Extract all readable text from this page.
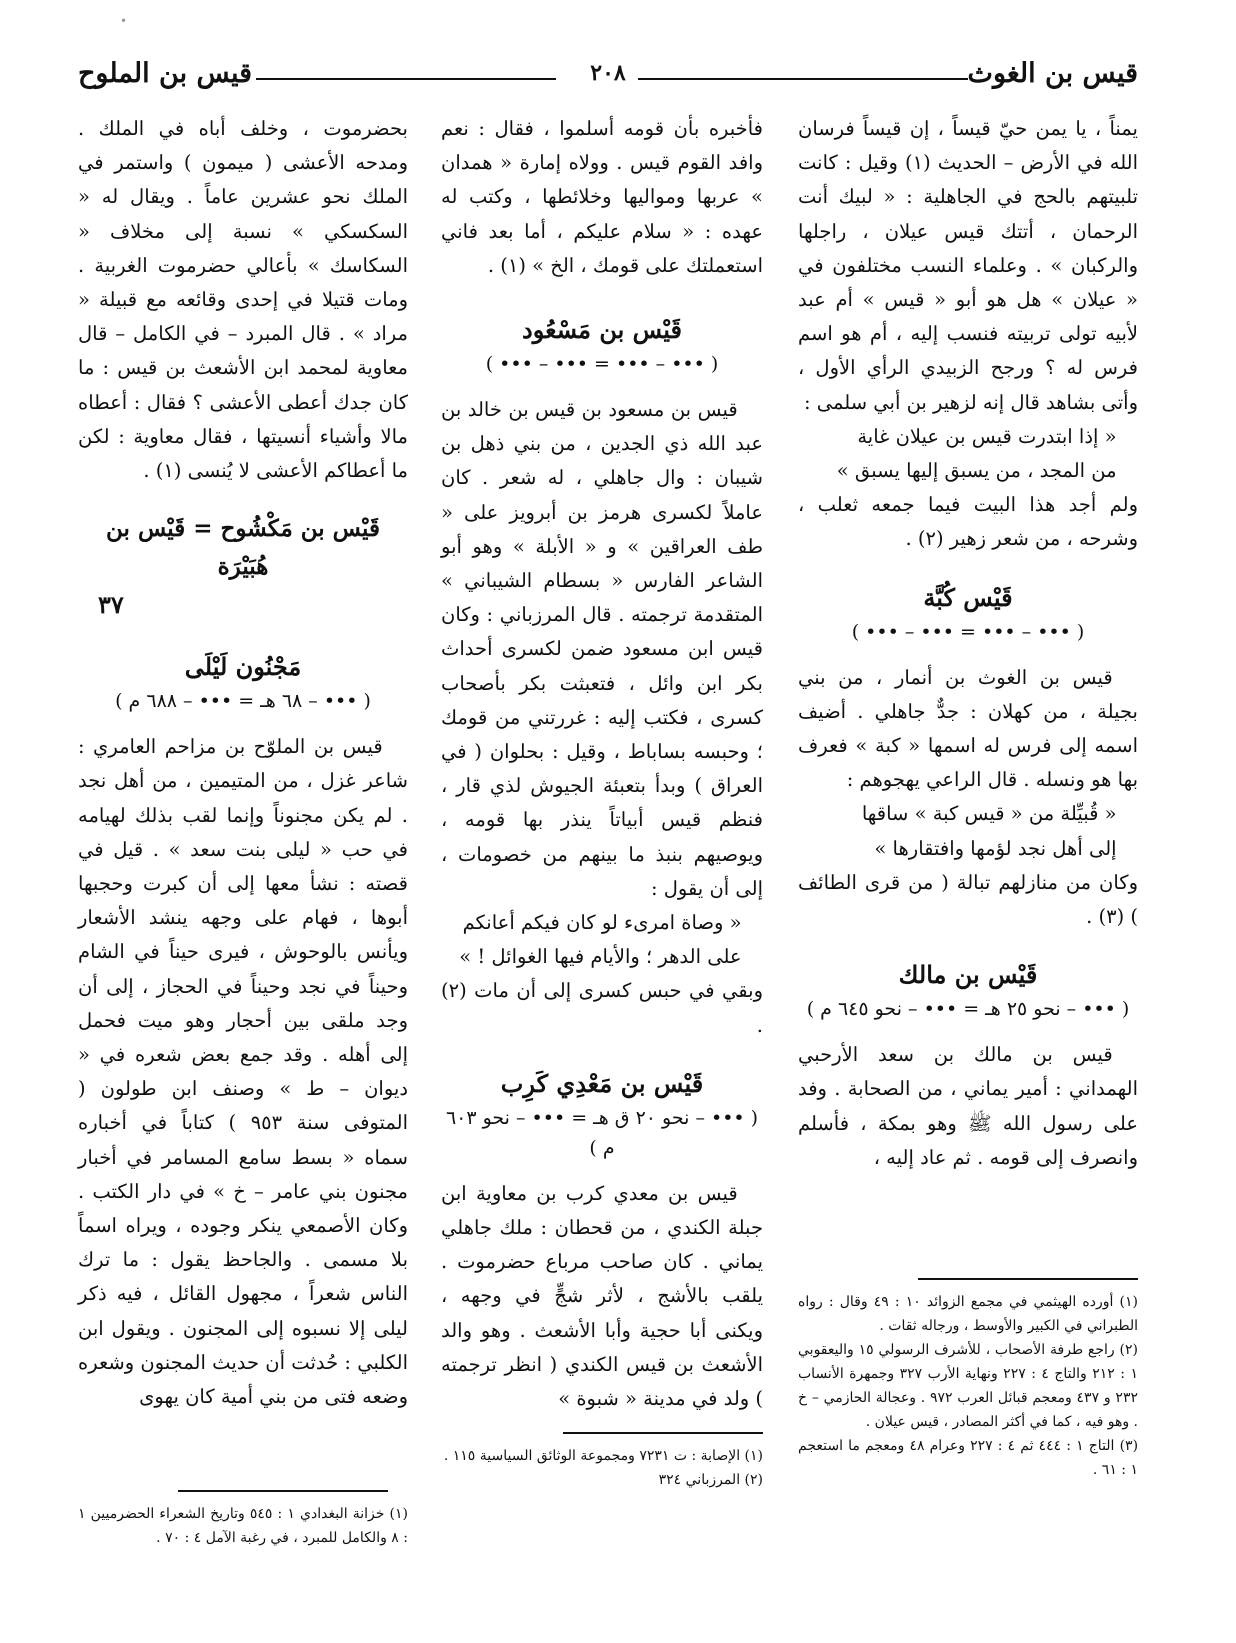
•
قيس بن الغوث
٢٠٨
قيس بن الملوح

يمناً ، يا يمن حيّ قيساً ، إن قيساً فرسان الله في الأرض – الحديث (١) وقيل : كانت تلبيتهم بالحج في الجاهلية : « لبيك أنت الرحمان ، أتتك قيس عيلان ، راجلها والركبان » . وعلماء النسب مختلفون في « عيلان » هل هو أبو « قيس » أم عبد لأبيه تولى تربيته فنسب إليه ، أم هو اسم فرس له ؟ ورجح الزبيدي الرأي الأول ، وأتى بشاهد قال إنه لزهير بن أبي سلمى :

« إذا ابتدرت قيس بن عيلان غاية

من المجد ، من يسبق إليها يسبق »

ولم أجد هذا البيت فيما جمعه ثعلب ، وشرحه ، من شعر زهير (٢) .

قَيْس كُبَّة

( ••• – ••• = ••• – ••• )

قيس بن الغوث بن أنمار ، من بني بجيلة ، من كهلان : جدٌّ جاهلي . أضيف اسمه إلى فرس له اسمها « كبة » فعرف بها هو ونسله . قال الراعي يهجوهم :

« قُبيِّلة من « قيس كبة » ساقها

إلى أهل نجد لؤمها وافتقارها »

وكان من منازلهم تبالة ( من قرى الطائف ) (٣) .

قَيْس بن مالك

( ••• – نحو ٢٥ هـ = ••• – نحو ٦٤٥ م )

قيس بن مالك بن سعد الأرحبي الهمداني : أمير يماني ، من الصحابة . وفد على رسول الله ﷺ وهو بمكة ، فأسلم وانصرف إلى قومه . ثم عاد إليه ،

(١) أورده الهيثمي في مجمع الزوائد ١٠ : ٤٩ وقال : رواه الطبراني في الكبير والأوسط ، ورجاله ثقات .

(٢) راجع طرفة الأصحاب ، للأشرف الرسولي ١٥ واليعقوبي ١ : ٢١٢ والتاج ٤ : ٢٢٧ ونهاية الأرب ٣٢٧ وجمهرة الأنساب ٢٣٢ و ٤٣٧ ومعجم قبائل العرب ٩٧٢ . وعجالة الحازمي – خ . وهو فيه ، كما في أكثر المصادر ، قيس عيلان .

(٣) التاج ١ : ٤٤٤ ثم ٤ : ٢٢٧ وعرام ٤٨ ومعجم ما استعجم ١ : ٦١ .

فأخبره بأن قومه أسلموا ، فقال : نعم وافد القوم قيس . وولاه إمارة « همدان » عربها ومواليها وخلائطها ، وكتب له عهده : « سلام عليكم ، أما بعد فاني استعملتك على قومك ، الخ » (١) .

قَيْس بن مَسْعُود

( ••• – ••• = ••• – ••• )

قيس بن مسعود بن قيس بن خالد بن عبد الله ذي الجدين ، من بني ذهل بن شيبان : وال جاهلي ، له شعر . كان عاملاً لكسرى هرمز بن أبرويز على « طف العراقين » و « الأبلة » وهو أبو الشاعر الفارس « بسطام الشيباني » المتقدمة ترجمته . قال المرزباني : وكان قيس ابن مسعود ضمن لكسرى أحداث بكر ابن وائل ، فتعبثت بكر بأصحاب كسرى ، فكتب إليه : غررتني من قومك ؛ وحبسه بساباط ، وقيل : بحلوان ( في العراق ) وبدأ بتعبئة الجيوش لذي قار ، فنظم قيس أبياتاً ينذر بها قومه ، ويوصيهم بنبذ ما بينهم من خصومات ، إلى أن يقول :

« وصاة امرىء لو كان فيكم أعانكم

على الدهر ؛ والأيام فيها الغوائل ! »

وبقي في حبس كسرى إلى أن مات (٢) .

قَيْس بن مَعْدِي كَرِب

( ••• – نحو ٢٠ ق هـ = ••• – نحو ٦٠٣ م )

قيس بن معدي كرب بن معاوية ابن جبلة الكندي ، من قحطان : ملك جاهلي يماني . كان صاحب مرباع حضرموت . يلقب بالأشج ، لأثر شجٍّ في وجهه ، ويكنى أبا حجية وأبا الأشعث . وهو والد الأشعث بن قيس الكندي ( انظر ترجمته ) ولد في مدينة « شبوة »

(١) الإصابة : ت ٧٢٣١ ومجموعة الوثائق السياسية ١١٥ .

(٢) المرزباني ٣٢٤

بحضرموت ، وخلف أباه في الملك . ومدحه الأعشى ( ميمون ) واستمر في الملك نحو عشرين عاماً . ويقال له « السكسكي » نسبة إلى مخلاف « السكاسك » بأعالي حضرموت الغربية . ومات قتيلا في إحدى وقائعه مع قبيلة « مراد » . قال المبرد – في الكامل – قال معاوية لمحمد ابن الأشعث بن قيس : ما كان جدك أعطى الأعشى ؟ فقال : أعطاه مالا وأشياء أنسيتها ، فقال معاوية : لكن ما أعطاكم الأعشى لا يُنسى (١) .

قَيْس بن مَكْشُوح = قَيْس بن هُبَيْرَة

٣٧

مَجْنُون لَيْلَى

( ••• – ٦٨ هـ = ••• – ٦٨٨ م )

قيس بن الملوّح بن مزاحم العامري : شاعر غزل ، من المتيمين ، من أهل نجد . لم يكن مجنوناً وإنما لقب بذلك لهيامه في حب « ليلى بنت سعد » . قيل في قصته : نشأ معها إلى أن كبرت وحجبها أبوها ، فهام على وجهه ينشد الأشعار ويأنس بالوحوش ، فيرى حيناً في الشام وحيناً في نجد وحيناً في الحجاز ، إلى أن وجد ملقى بين أحجار وهو ميت فحمل إلى أهله . وقد جمع بعض شعره في « ديوان – ط » وصنف ابن طولون ( المتوفى سنة ٩٥٣ ) كتاباً في أخباره سماه « بسط سامع المسامر في أخبار مجنون بني عامر – خ » في دار الكتب . وكان الأصمعي ينكر وجوده ، ويراه اسماً بلا مسمى . والجاحظ يقول : ما ترك الناس شعراً ، مجهول القائل ، فيه ذكر ليلى إلا نسبوه إلى المجنون . ويقول ابن الكلبي : حُدثت أن حديث المجنون وشعره وضعه فتى من بني أمية كان يهوى

(١) خزانة البغدادي ١ : ٥٤٥ وتاريخ الشعراء الحضرميين ١ : ٨ والكامل للمبرد ، في رغبة الآمل ٤ : ٧٠ .
